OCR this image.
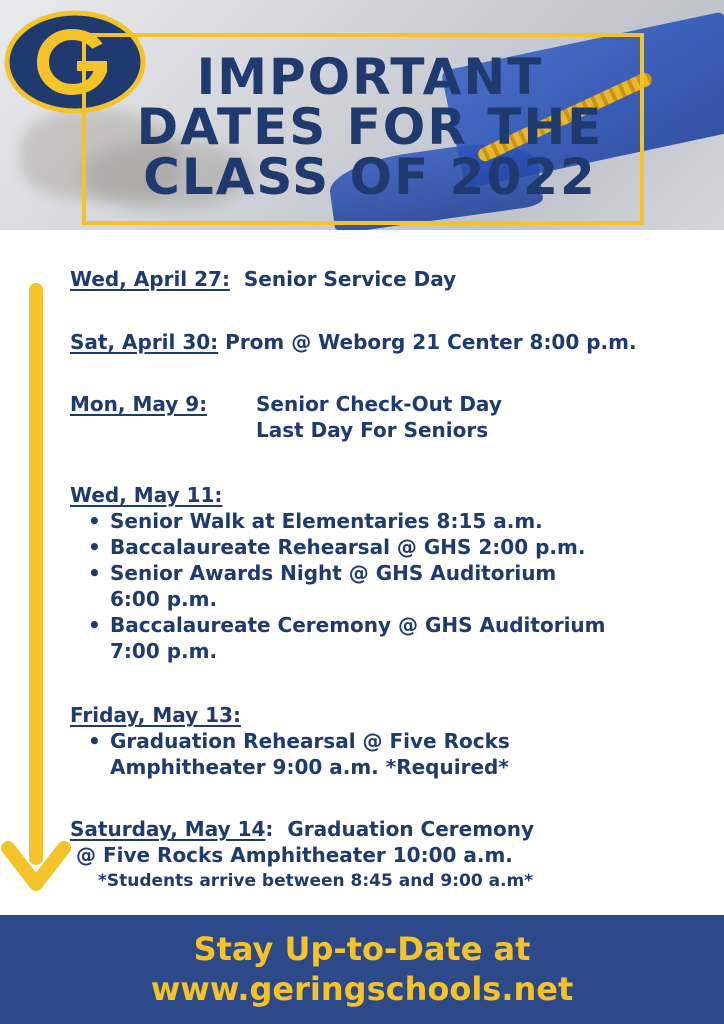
IMPORTANT
DATES FOR THE
CLASS OF 2022
Wed, April 27: Senior Service Day
Sat, April 30: Prom @ Weborg 21 Center 8:00 p.m.
Mon, May 9: Senior Check-Out Day
Last Day For Seniors
Wed, May 11:
• Senior Walk at Elementaries 8:15 a.m.
• Baccalaureate Rehearsal @ GHS 2:00 p.m.
• Senior Awards Night @ GHS Auditorium
6:00 p.m.
• Baccalaureate Ceremony @ GHS Auditorium
7:00 p.m.
Friday, May 13:
• Graduation Rehearsal @ Five Rocks
Amphitheater 9:00 a.m. *Required*
Saturday, May 14: Graduation Ceremony
@ Five Rocks Amphitheater 10:00 a.m.
*Students arrive between 8:45 and 9:00 a.m*
Stay Up-to-Date at
www.geringschools.net
